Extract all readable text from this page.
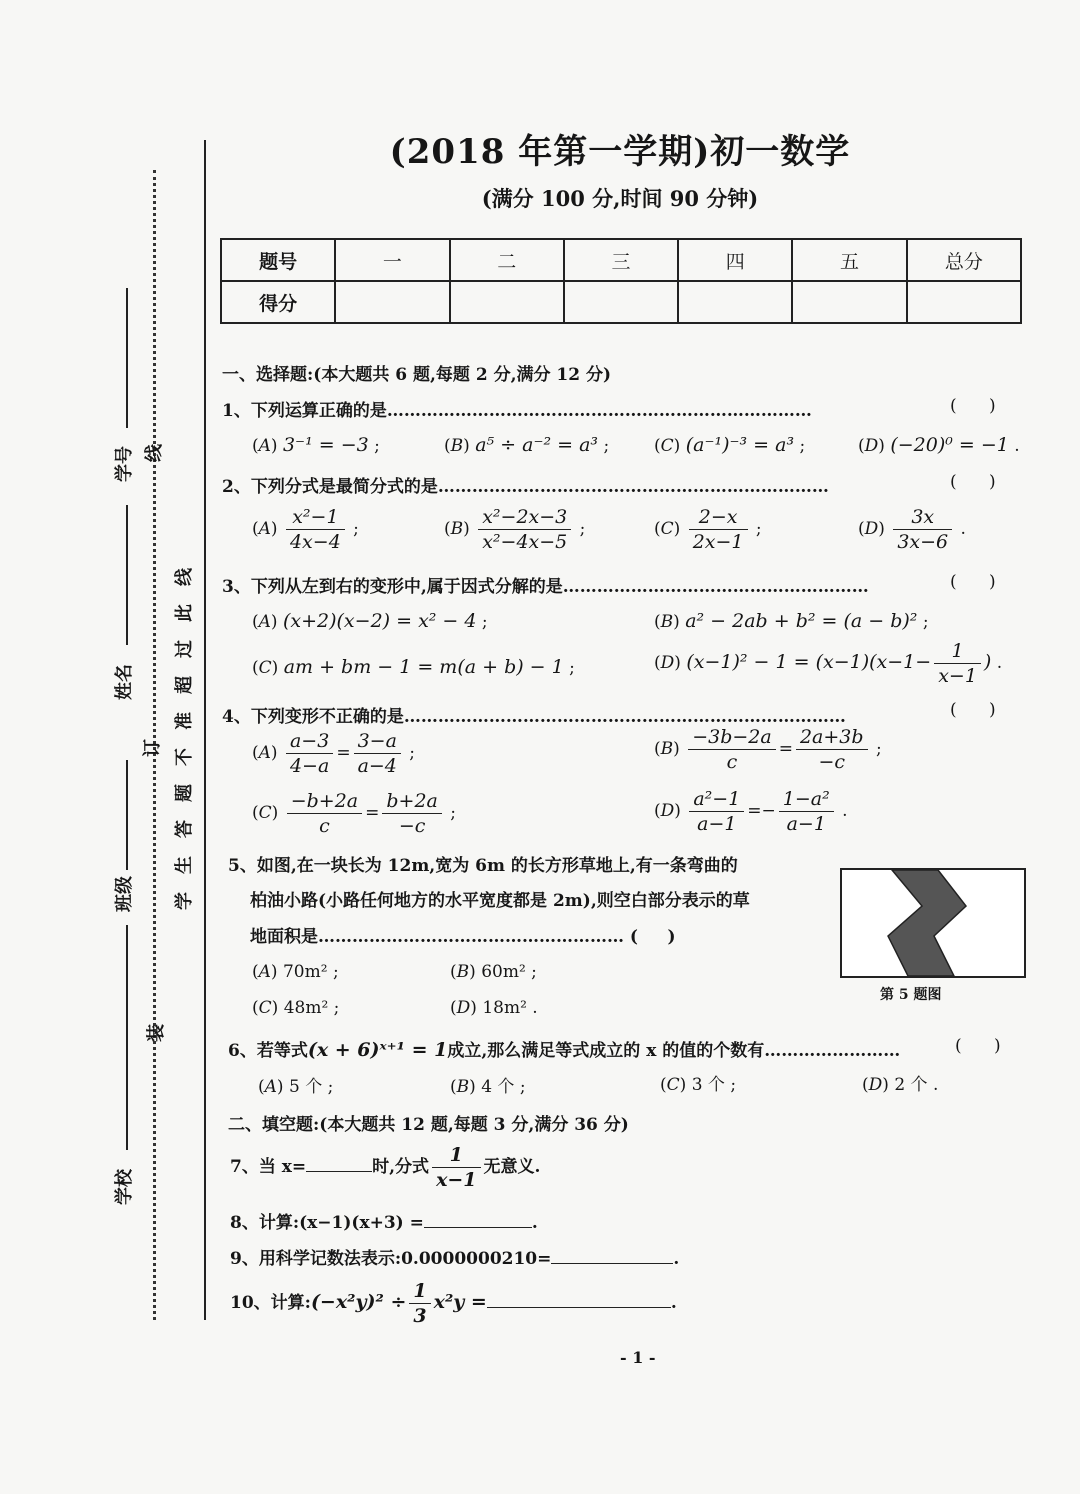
(2018 年第一学期)初一数学
(满分 100 分,时间 90 分钟)
题号	一	二	三	四	五	总分
得分						
学号 线
姓名 学生答题不准超过此线
订
班级
装
学校
一、选择题:(本大题共 6 题,每题 2 分,满分 12 分)
1、下列运算正确的是…………………………………………………………………	(      )
(A) 3⁻¹ = −3 ;	(B) a⁵ ÷ a⁻² = a³ ;	(C) (a⁻¹)⁻³ = a³ ;	(D) (−20)⁰ = −1 .
2、下列分式是最简分式的是……………………………………………………………	(      )
$(A) \frac{\text{x²−1}}{4x-4}$ ;	$(B) \frac{\text{x²−2x−3}}{\text{x²−4x−5}}$ ;	$(C) \frac{2-x}{2x-1}$ ;	$(D) \frac{3x}{3x-6}$ .
3、下列从左到右的变形中,属于因式分解的是………………………………………………	(      )
(A) (x+2)(x−2) = x² − 4 ;	(B) a² − 2ab + b² = (a − b)² ;
(C) am + bm − 1 = m(a + b) − 1 ;	(D) $(x-1)^2 - 1 = (x-1)(x-1- \frac{1}{x-1}$ ) .
4、下列变形不正确的是……………………………………………………………………	(      )
$(A) \frac{a-3}{4-a} = \frac{3-a}{a-4}$ ;	$(B) \frac{-3b-2a}{c} = \frac{2a+3b}{-c}$ ;
$(C) \frac{-b+2a}{c} = \frac{b+2a}{-c}$ ;	$(D) \frac{\text{a²−1}}{a-1} =- \frac{\text{1−a²}}{a-1}$ .
5、如图,在一块长为 12m,宽为 6m 的长方形草地上,有一条弯曲的
柏油小路(小路任何地方的水平宽度都是 2m),则空白部分表示的草
地面积是……………………………………………… (     )
(A) 70m² ;	(B) 60m² ;
(C) 48m² ;	(D) 18m² .
第 5 题图
6、若等式(x + 6)ˣ⁺¹ = 1成立,那么满足等式成立的 x 的值的个数有……………………	(      )
(A) 5 个 ;	(B) 4 个 ;	(C) 3 个 ;	(D) 2 个 .
二、填空题:(本大题共 12 题,每题 3 分,满分 36 分)
7、当 x=	时,分式 $\frac{1}{x-1}$ 无意义.
8、计算:(x−1)(x+3) =	.
9、用科学记数法表示:0.0000000210=	.
10、计算:(−x²y)² ÷ $\frac{1}{3} x^2y$ =	.
- 1 -
